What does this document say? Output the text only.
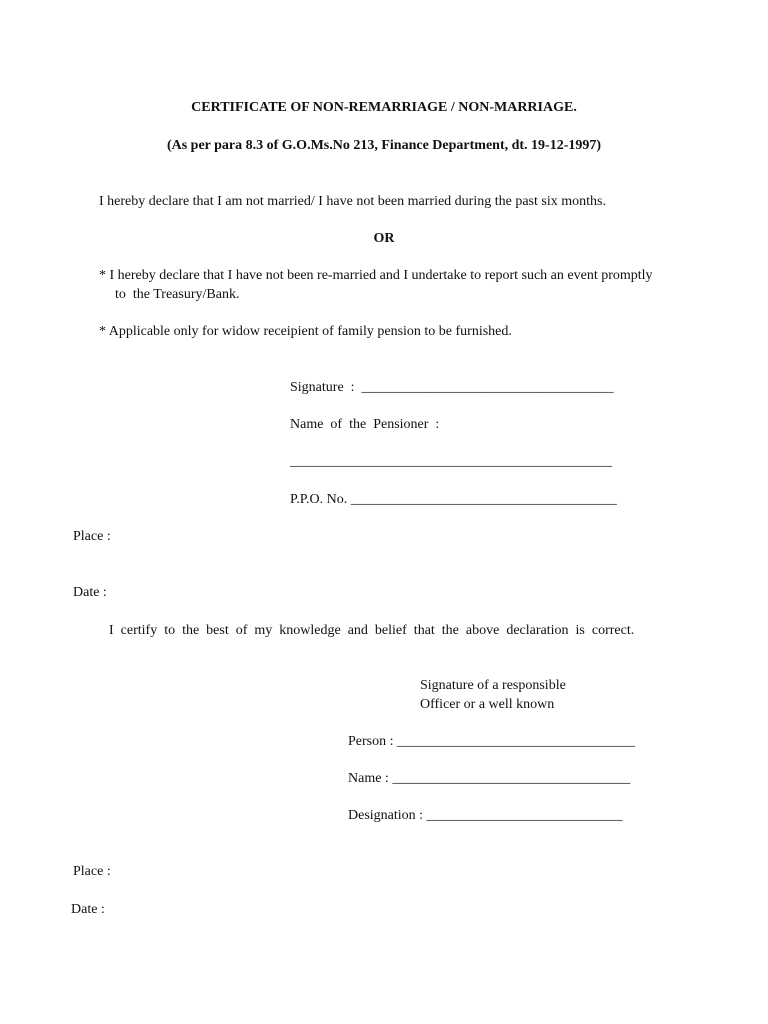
CERTIFICATE OF NON-REMARRIAGE / NON-MARRIAGE.
(As per para 8.3 of G.O.Ms.No 213, Finance Department, dt. 19-12-1997)
I hereby declare that I am not married/ I have not been married during the past six months.
OR
* I hereby declare that I have not been re-married and I undertake to report such an event promptly
to  the Treasury/Bank.
* Applicable only for widow receipient of family pension to be furnished.
Signature  :  ____________________________________
Name  of  the  Pensioner  :
______________________________________________
P.P.O. No. ______________________________________
Place :
Date :
I  certify  to  the  best  of  my  knowledge  and  belief  that  the  above  declaration  is  correct.
Signature of a responsible
Officer or a well known
Person : __________________________________
Name : __________________________________
Designation : ____________________________
Place :
Date :
